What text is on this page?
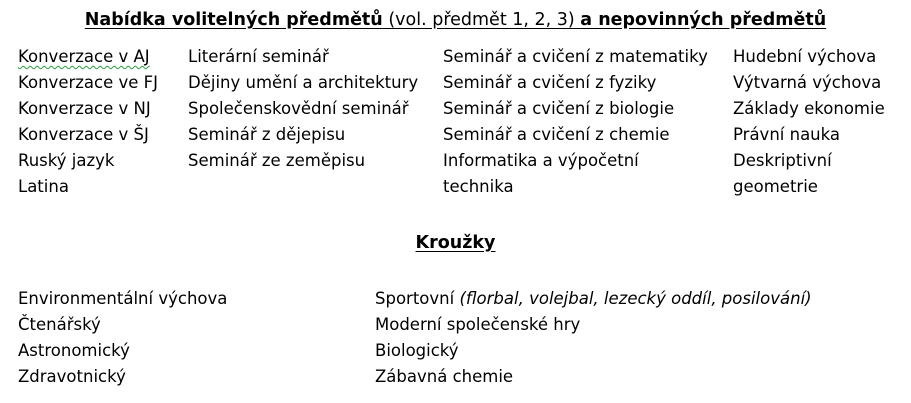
Nabídka volitelných předmětů (vol. předmět 1, 2, 3) a nepovinných předmětů
Konverzace v AJ
Konverzace ve FJ
Konverzace v NJ
Konverzace v ŠJ
Ruský jazyk
Latina
Literární seminář
Dějiny umění a architektury
Společenskovědní seminář
Seminář z dějepisu
Seminář ze zeměpisu
Seminář a cvičení z matematiky
Seminář a cvičení z fyziky
Seminář a cvičení z biologie
Seminář a cvičení z chemie
Informatika a výpočetní
technika
Hudební výchova
Výtvarná výchova
Základy ekonomie
Právní nauka
Deskriptivní
geometrie
Kroužky
Environmentální výchova
Čtenářský
Astronomický
Zdravotnický
Sportovní (florbal, volejbal, lezecký oddíl, posilování)
Moderní společenské hry
Biologický
Zábavná chemie
